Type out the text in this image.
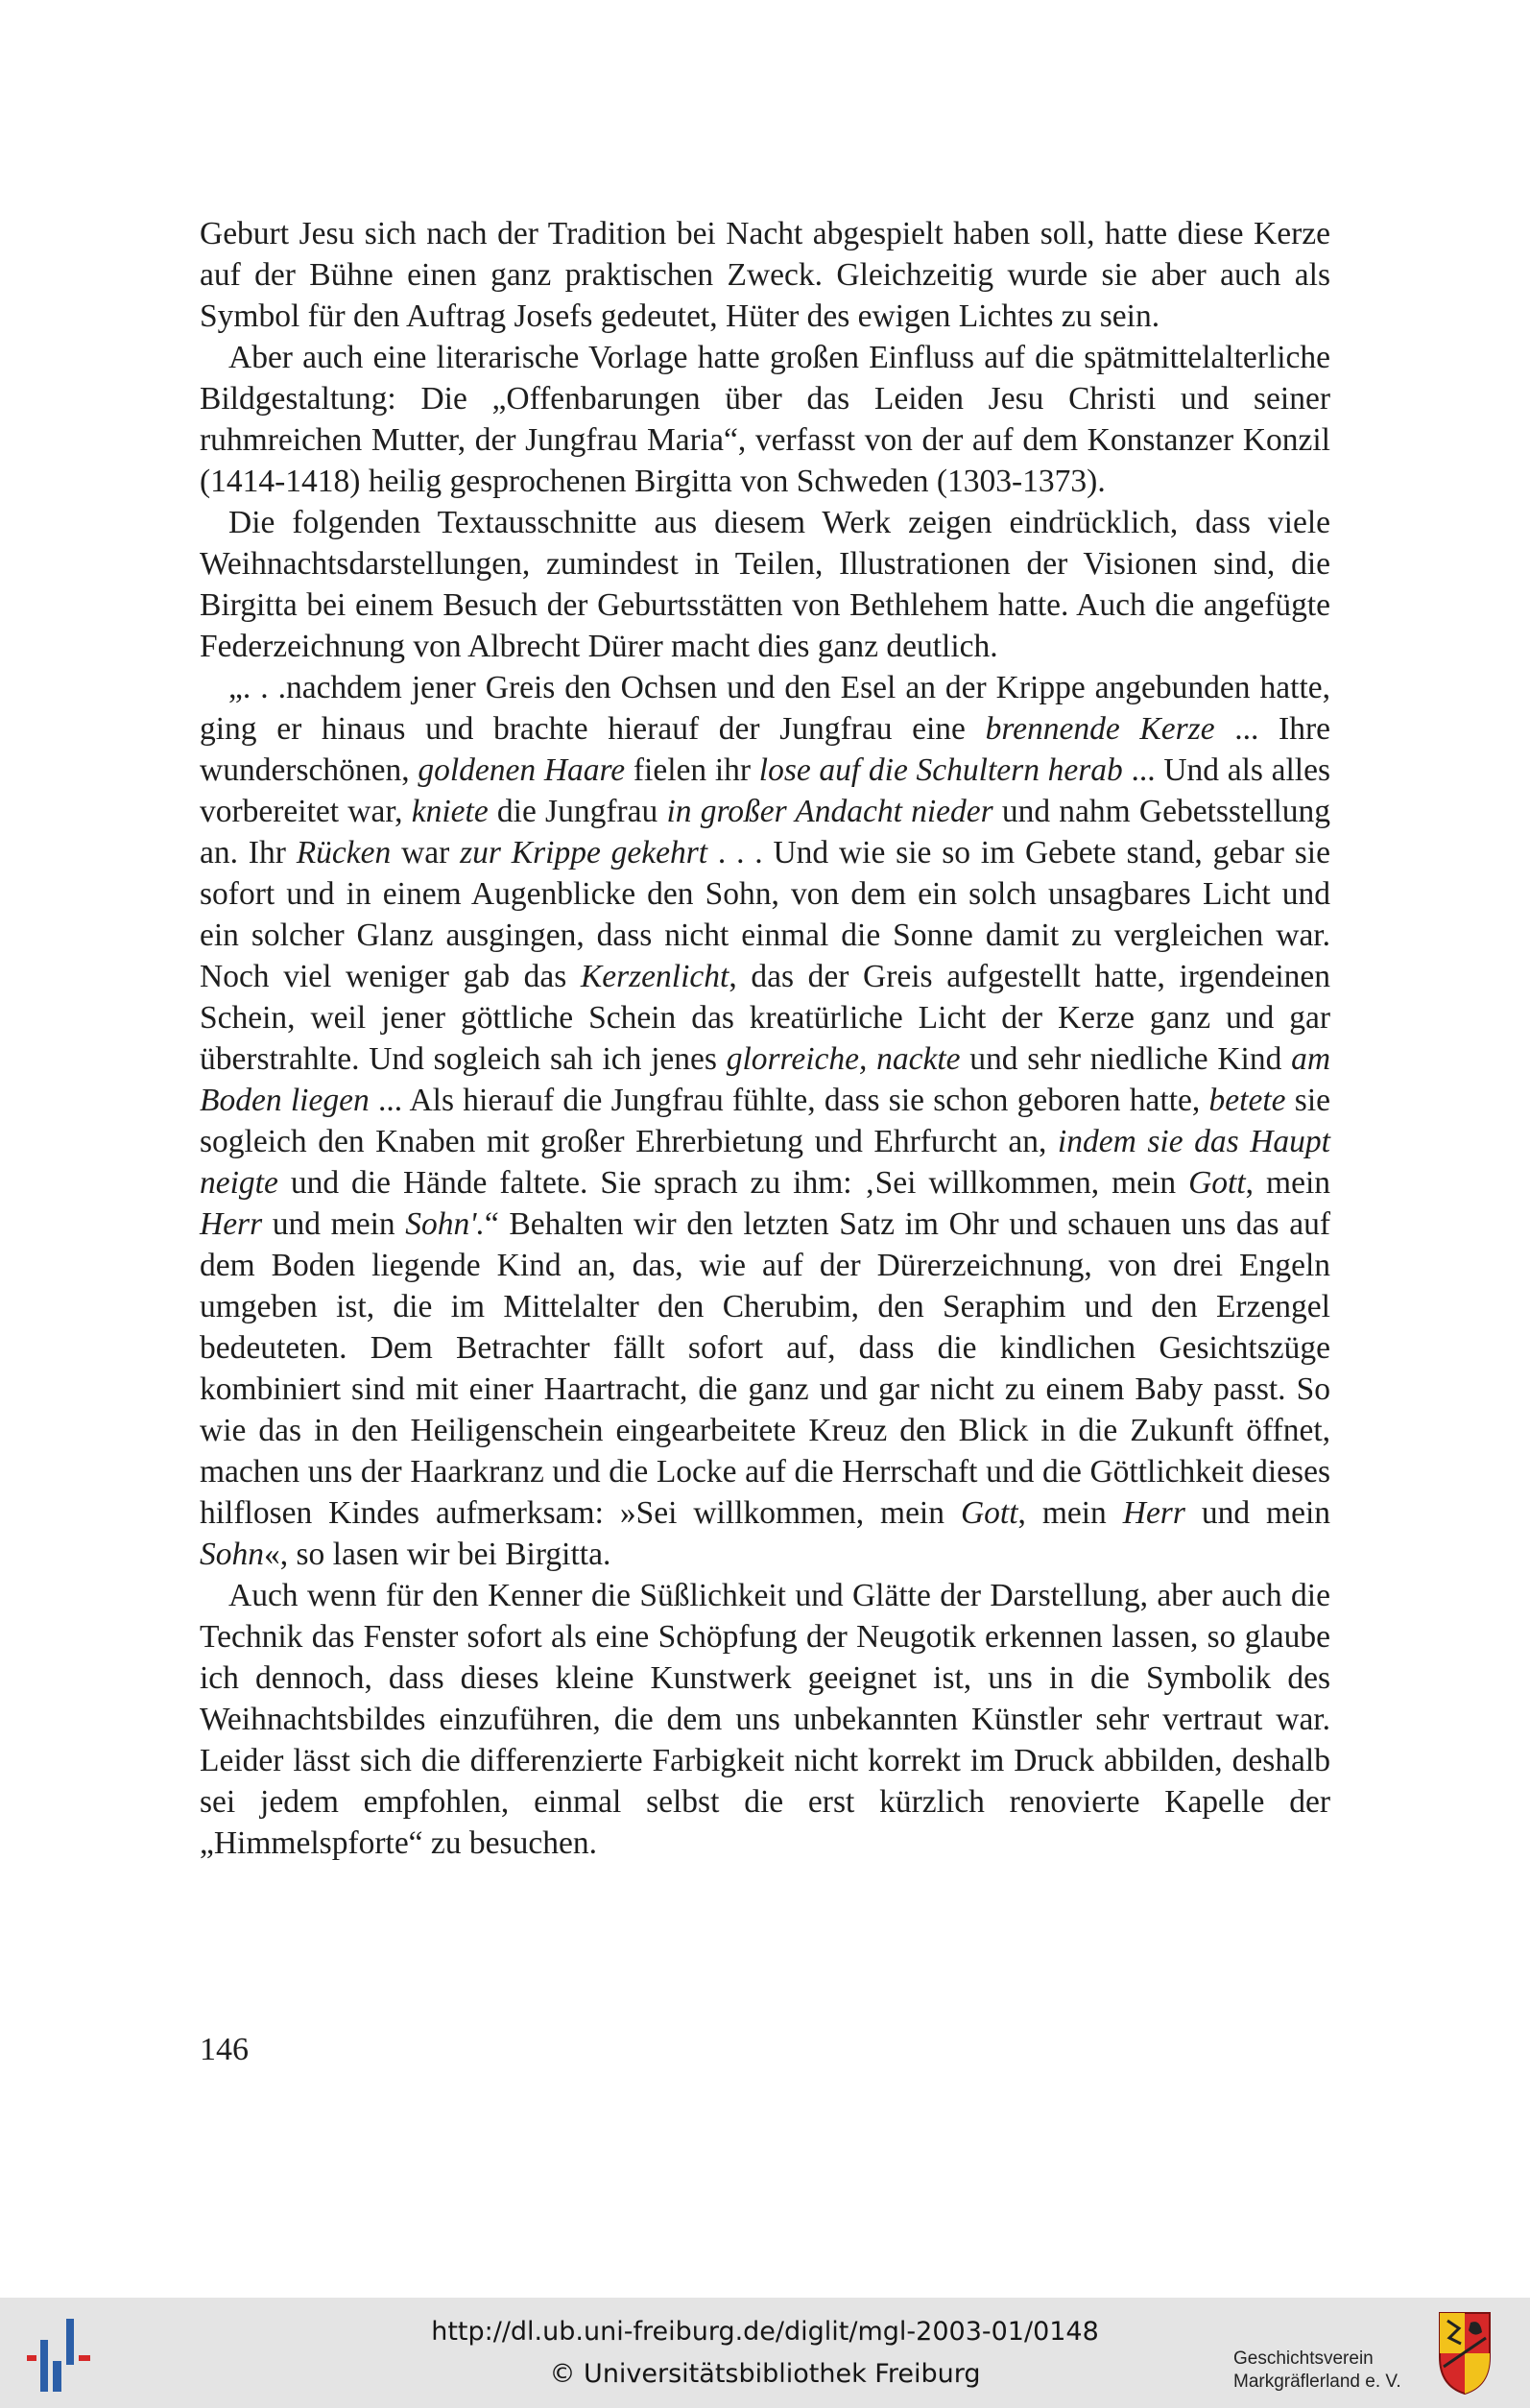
Geburt Jesu sich nach der Tradition bei Nacht abgespielt haben soll, hatte diese Kerze auf der Bühne einen ganz praktischen Zweck. Gleichzeitig wurde sie aber auch als Symbol für den Auftrag Josefs gedeutet, Hüter des ewigen Lichtes zu sein.

Aber auch eine literarische Vorlage hatte großen Einfluss auf die spätmittelalterliche Bildgestaltung: Die „Offenbarungen über das Leiden Jesu Christi und seiner ruhmreichen Mutter, der Jungfrau Maria“, verfasst von der auf dem Konstanzer Konzil (1414-1418) heilig gesprochenen Birgitta von Schweden (1303-1373).

Die folgenden Textausschnitte aus diesem Werk zeigen eindrücklich, dass viele Weihnachtsdarstellungen, zumindest in Teilen, Illustrationen der Visionen sind, die Birgitta bei einem Besuch der Geburtsstätten von Bethlehem hatte. Auch die angefügte Federzeichnung von Albrecht Dürer macht dies ganz deutlich.

„. . .nachdem jener Greis den Ochsen und den Esel an der Krippe angebunden hatte, ging er hinaus und brachte hierauf der Jungfrau eine brennende Kerze ... Ihre wunderschönen, goldenen Haare fielen ihr lose auf die Schultern herab ... Und als alles vorbereitet war, kniete die Jungfrau in großer Andacht nieder und nahm Gebetsstellung an. Ihr Rücken war zur Krippe gekehrt . . . Und wie sie so im Gebete stand, gebar sie sofort und in einem Augenblicke den Sohn, von dem ein solch unsagbares Licht und ein solcher Glanz ausgingen, dass nicht einmal die Sonne damit zu vergleichen war. Noch viel weniger gab das Kerzenlicht, das der Greis aufgestellt hatte, irgendeinen Schein, weil jener göttliche Schein das kreatürliche Licht der Kerze ganz und gar überstrahlte. Und sogleich sah ich jenes glorreiche, nackte und sehr niedliche Kind am Boden liegen ... Als hierauf die Jungfrau fühlte, dass sie schon geboren hatte, betete sie sogleich den Knaben mit großer Ehrerbietung und Ehrfurcht an, indem sie das Haupt neigte und die Hände faltete. Sie sprach zu ihm: ‚Sei willkommen, mein Gott, mein Herr und mein Sohn'.“ Behalten wir den letzten Satz im Ohr und schauen uns das auf dem Boden liegende Kind an, das, wie auf der Dürerzeichnung, von drei Engeln umgeben ist, die im Mittelalter den Cherubim, den Seraphim und den Erzengel bedeuteten. Dem Betrachter fällt sofort auf, dass die kindlichen Gesichtszüge kombiniert sind mit einer Haartracht, die ganz und gar nicht zu einem Baby passt. So wie das in den Heiligenschein eingearbeitete Kreuz den Blick in die Zukunft öffnet, machen uns der Haarkranz und die Locke auf die Herrschaft und die Göttlichkeit dieses hilflosen Kindes aufmerksam: »Sei willkommen, mein Gott, mein Herr und mein Sohn«, so lasen wir bei Birgitta.

Auch wenn für den Kenner die Süßlichkeit und Glätte der Darstellung, aber auch die Technik das Fenster sofort als eine Schöpfung der Neugotik erkennen lassen, so glaube ich dennoch, dass dieses kleine Kunstwerk geeignet ist, uns in die Symbolik des Weihnachtsbildes einzuführen, die dem uns unbekannten Künstler sehr vertraut war. Leider lässt sich die differenzierte Farbigkeit nicht korrekt im Druck abbilden, deshalb sei jedem empfohlen, einmal selbst die erst kürzlich renovierte Kapelle der „Himmelspforte“ zu besuchen.

146
http://dl.ub.uni-freiburg.de/diglit/mgl-2003-01/0148
© Universitätsbibliothek Freiburg
Geschichtsverein
Markgräflerland e. V.
